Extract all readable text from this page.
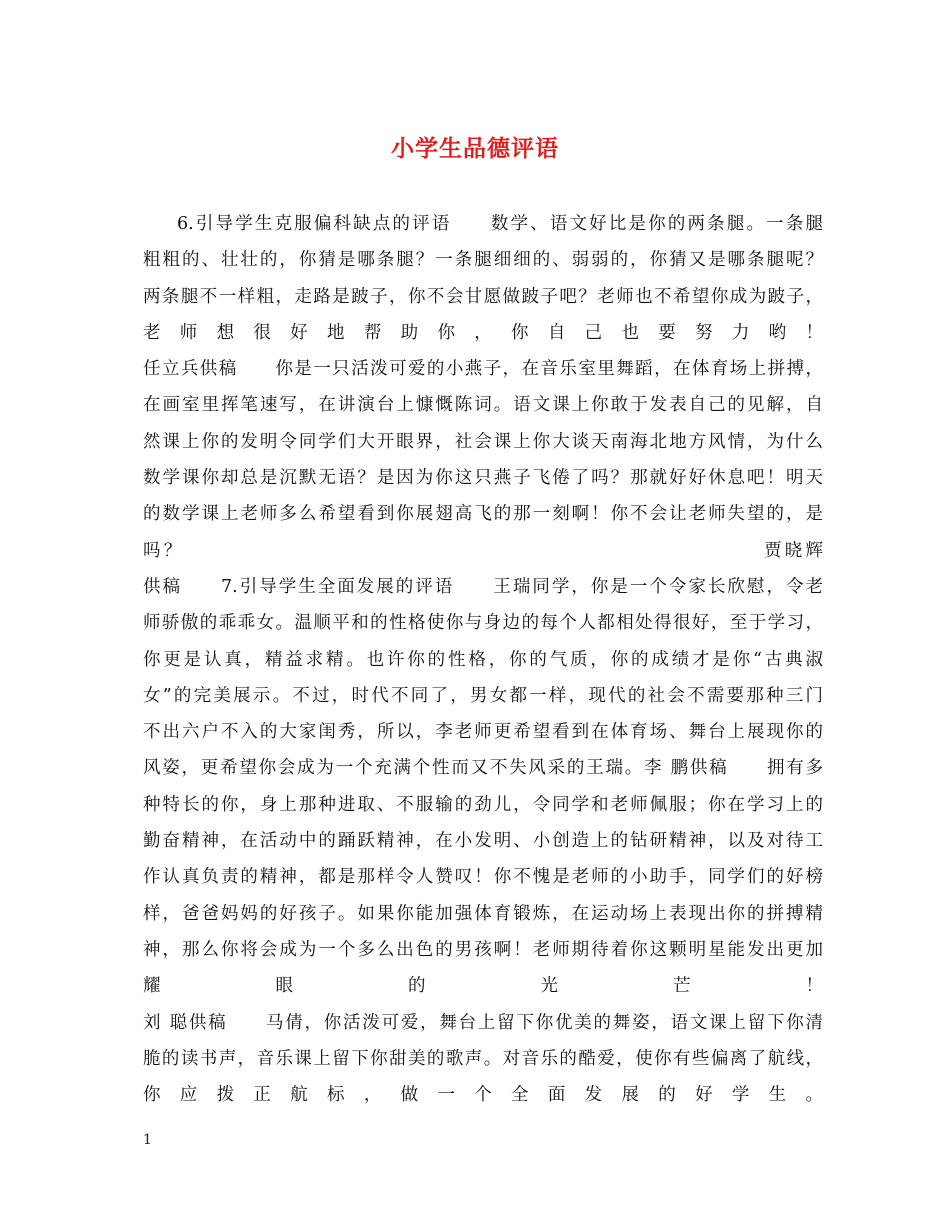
小学生品德评语
6.引导学生克服偏科缺点的评语　　数学、语文好比是你的两条腿。一条腿
粗粗的、壮壮的，你猜是哪条腿？一条腿细细的、弱弱的，你猜又是哪条腿呢？
两条腿不一样粗，走路是跛子，你不会甘愿做跛子吧？老师也不希望你成为跛子，
老 师 想 很 好 地 帮 助 你 ， 你 自 己 也 要 努 力 哟 ！
任立兵供稿　　你是一只活泼可爱的小燕子，在音乐室里舞蹈，在体育场上拼搏，
在画室里挥笔速写，在讲演台上慷慨陈词。语文课上你敢于发表自己的见解，自
然课上你的发明令同学们大开眼界，社会课上你大谈天南海北地方风情，为什么
数学课你却总是沉默无语？是因为你这只燕子飞倦了吗？那就好好休息吧！明天
的数学课上老师多么希望看到你展翅高飞的那一刻啊！你不会让老师失望的，是
吗？　　　　　　　　　　　　　　　　　　　　　　　　　　　　贾晓辉
供稿　　7.引导学生全面发展的评语　　王瑞同学，你是一个令家长欣慰，令老
师骄傲的乖乖女。温顺平和的性格使你与身边的每个人都相处得很好，至于学习，
你更是认真，精益求精。也许你的性格，你的气质，你的成绩才是你“古典淑
女”的完美展示。不过，时代不同了，男女都一样，现代的社会不需要那种三门
不出六户不入的大家闺秀，所以，李老师更希望看到在体育场、舞台上展现你的
风姿，更希望你会成为一个充满个性而又不失风采的王瑞。李 鹏供稿　　拥有多
种特长的你，身上那种进取、不服输的劲儿，令同学和老师佩服；你在学习上的
勤奋精神，在活动中的踊跃精神，在小发明、小创造上的钻研精神，以及对待工
作认真负责的精神，都是那样令人赞叹！你不愧是老师的小助手，同学们的好榜
样，爸爸妈妈的好孩子。如果你能加强体育锻炼，在运动场上表现出你的拼搏精
神，那么你将会成为一个多么出色的男孩啊！老师期待着你这颗明星能发出更加
耀 眼 的 光 芒 ！
刘 聪供稿　　马倩，你活泼可爱，舞台上留下你优美的舞姿，语文课上留下你清
脆的读书声，音乐课上留下你甜美的歌声。对音乐的酷爱，使你有些偏离了航线，
你 应 拨 正 航 标 ， 做 一 个 全 面 发 展 的 好 学 生 。
1
